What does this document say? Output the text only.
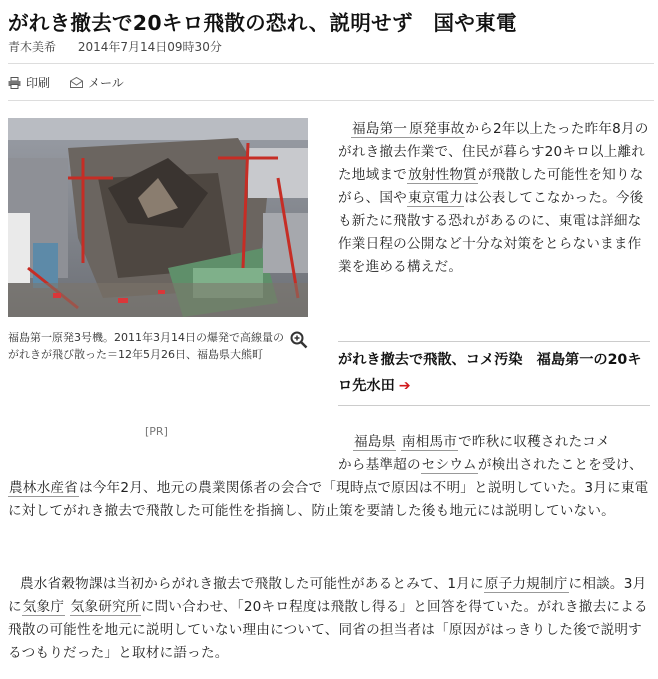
がれき撤去で20キロ飛散の恐れ、説明せず　国や東電
青木美希 2014年7月14日09時30分
印刷	メール
福島第一原発3号機。2011年3月14日の爆発で高線量のがれきが飛び散った＝12年5月26日、福島県大熊町
[PR]

福島第一 原発事故から2年以上たった昨年8月のがれき撤去作業で、住民が暮らす20キロ以上離れた地域まで放射性物質が飛散した可能性を知りながら、国や東京電力は公表してこなかった。今後も新たに飛散する恐れがあるのに、東電は詳細な作業日程の公開など十分な対策をとらないまま作業を進める構えだ。

がれき撤去で飛散、コメ汚染　福島第一の20キロ先水田 ➔

福島県 南相馬市で昨秋に収穫されたコメ
から基準超のセシウムが検出されたことを受け、
農林水産省は今年2月、地元の農業関係者の会合で「現時点で原因は不明」と説明していた。3月に東電に対してがれき撤去で飛散した可能性を指摘し、防止策を要請した後も地元には説明していない。

農水省穀物課は当初からがれき撤去で飛散した可能性があるとみて、1月に原子力規制庁に相談。3月に気象庁 気象研究所に問い合わせ、「20キロ程度は飛散し得る」と回答を得ていた。がれき撤去による飛散の可能性を地元に説明していない理由について、同省の担当者は「原因がはっきりした後で説明するつもりだった」と取材に語った。
